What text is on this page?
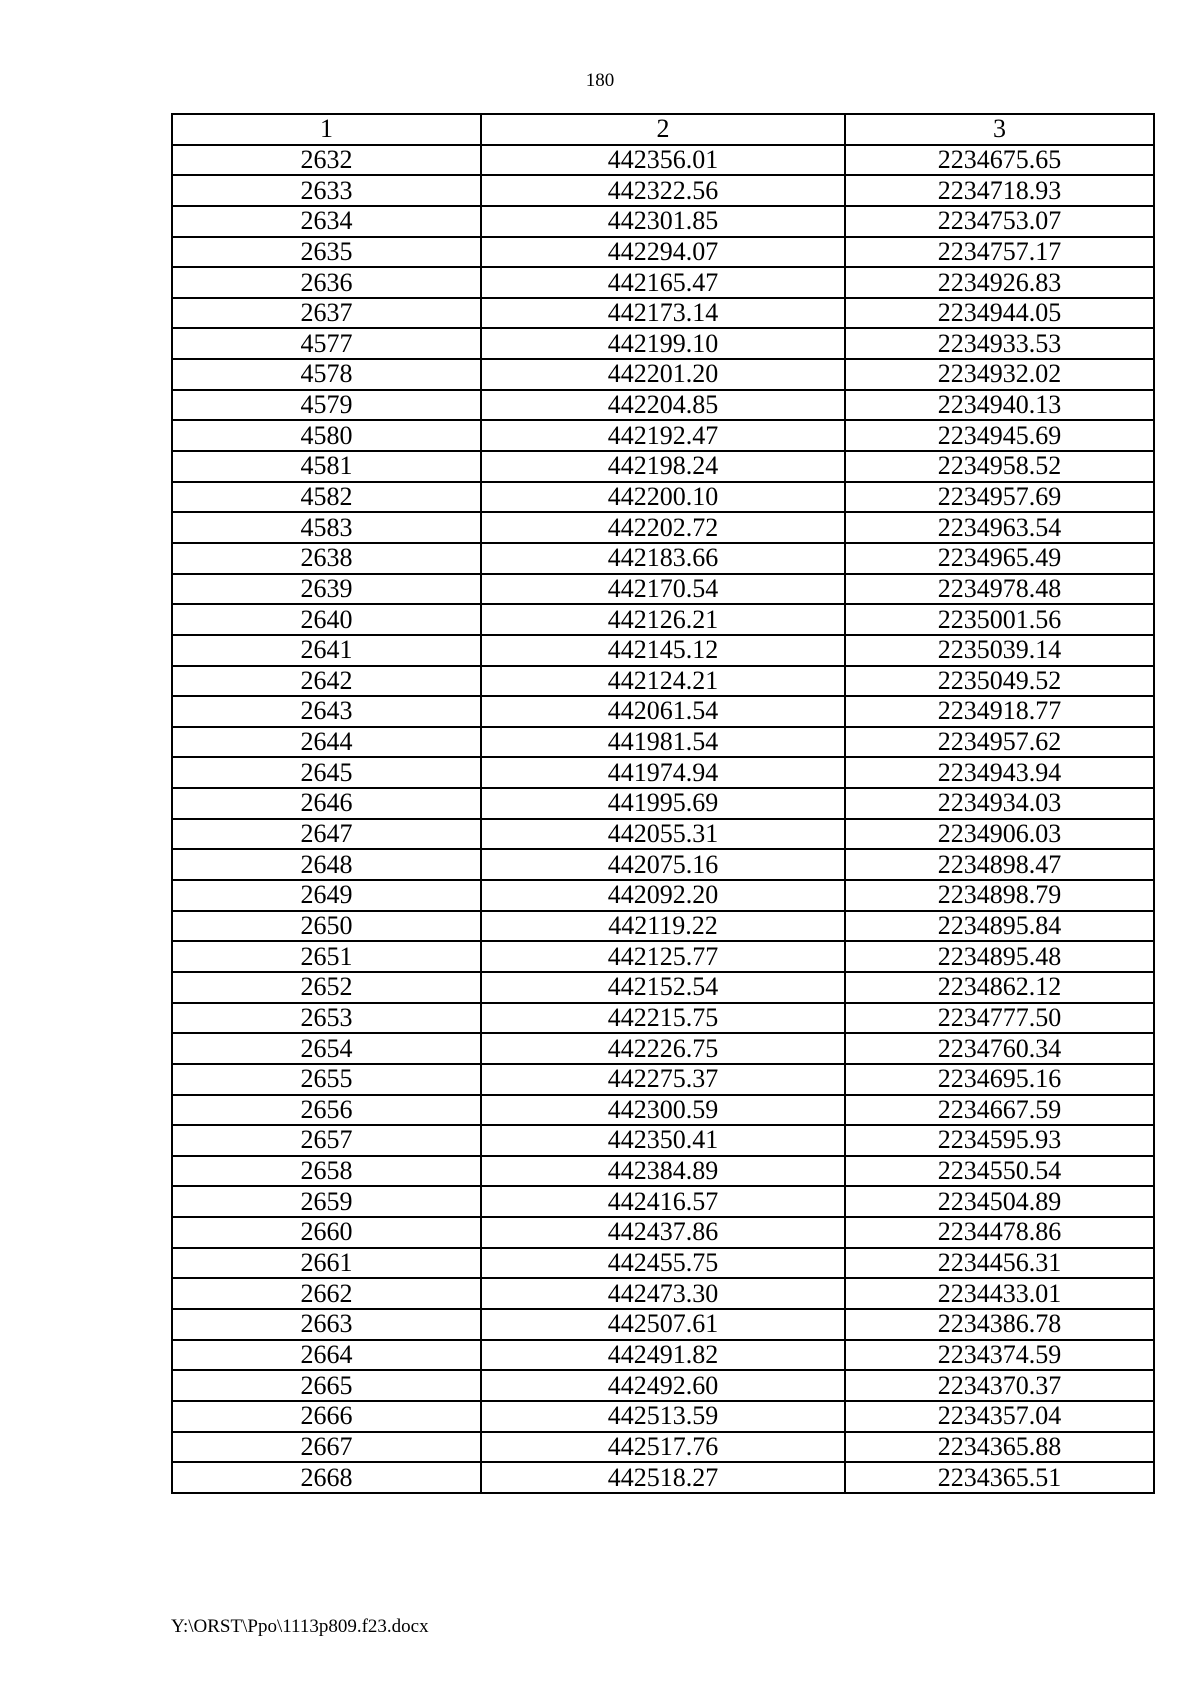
180
1	2	3
2632	442356.01	2234675.65
2633	442322.56	2234718.93
2634	442301.85	2234753.07
2635	442294.07	2234757.17
2636	442165.47	2234926.83
2637	442173.14	2234944.05
4577	442199.10	2234933.53
4578	442201.20	2234932.02
4579	442204.85	2234940.13
4580	442192.47	2234945.69
4581	442198.24	2234958.52
4582	442200.10	2234957.69
4583	442202.72	2234963.54
2638	442183.66	2234965.49
2639	442170.54	2234978.48
2640	442126.21	2235001.56
2641	442145.12	2235039.14
2642	442124.21	2235049.52
2643	442061.54	2234918.77
2644	441981.54	2234957.62
2645	441974.94	2234943.94
2646	441995.69	2234934.03
2647	442055.31	2234906.03
2648	442075.16	2234898.47
2649	442092.20	2234898.79
2650	442119.22	2234895.84
2651	442125.77	2234895.48
2652	442152.54	2234862.12
2653	442215.75	2234777.50
2654	442226.75	2234760.34
2655	442275.37	2234695.16
2656	442300.59	2234667.59
2657	442350.41	2234595.93
2658	442384.89	2234550.54
2659	442416.57	2234504.89
2660	442437.86	2234478.86
2661	442455.75	2234456.31
2662	442473.30	2234433.01
2663	442507.61	2234386.78
2664	442491.82	2234374.59
2665	442492.60	2234370.37
2666	442513.59	2234357.04
2667	442517.76	2234365.88
2668	442518.27	2234365.51
Y:\ORST\Ppo\1113p809.f23.docx
